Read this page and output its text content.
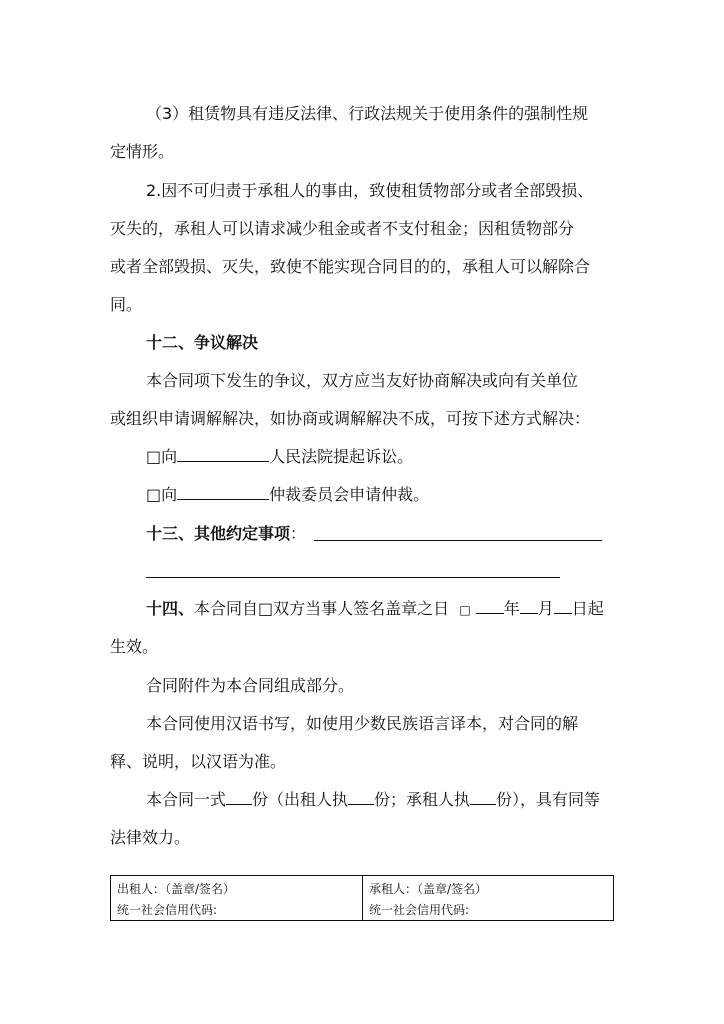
（3）租赁物具有违反法律、行政法规关于使用条件的强制性规
定情形。
2.因不可归责于承租人的事由，致使租赁物部分或者全部毁损、
灭失的，承租人可以请求减少租金或者不支付租金；因租赁物部分
或者全部毁损、灭失，致使不能实现合同目的的，承租人可以解除合
同。
十二、争议解决
本合同项下发生的争议，双方应当友好协商解决或向有关单位
或组织申请调解解决，如协商或调解解决不成，可按下述方式解决：
□向	人民法院提起诉讼。
□向	仲裁委员会申请仲裁。
十三、其他约定事项：
十四、本合同自□双方当事人签名盖章之日 □ 年 月 日起
生效。
合同附件为本合同组成部分。
本合同使用汉语书写，如使用少数民族语言译本，对合同的解
释、说明，以汉语为准。
本合同一式 份（出租人执 份；承租人执 份），具有同等
法律效力。
出租人：（盖章/签名）
统一社会信用代码:
承租人：（盖章/签名）
统一社会信用代码:
